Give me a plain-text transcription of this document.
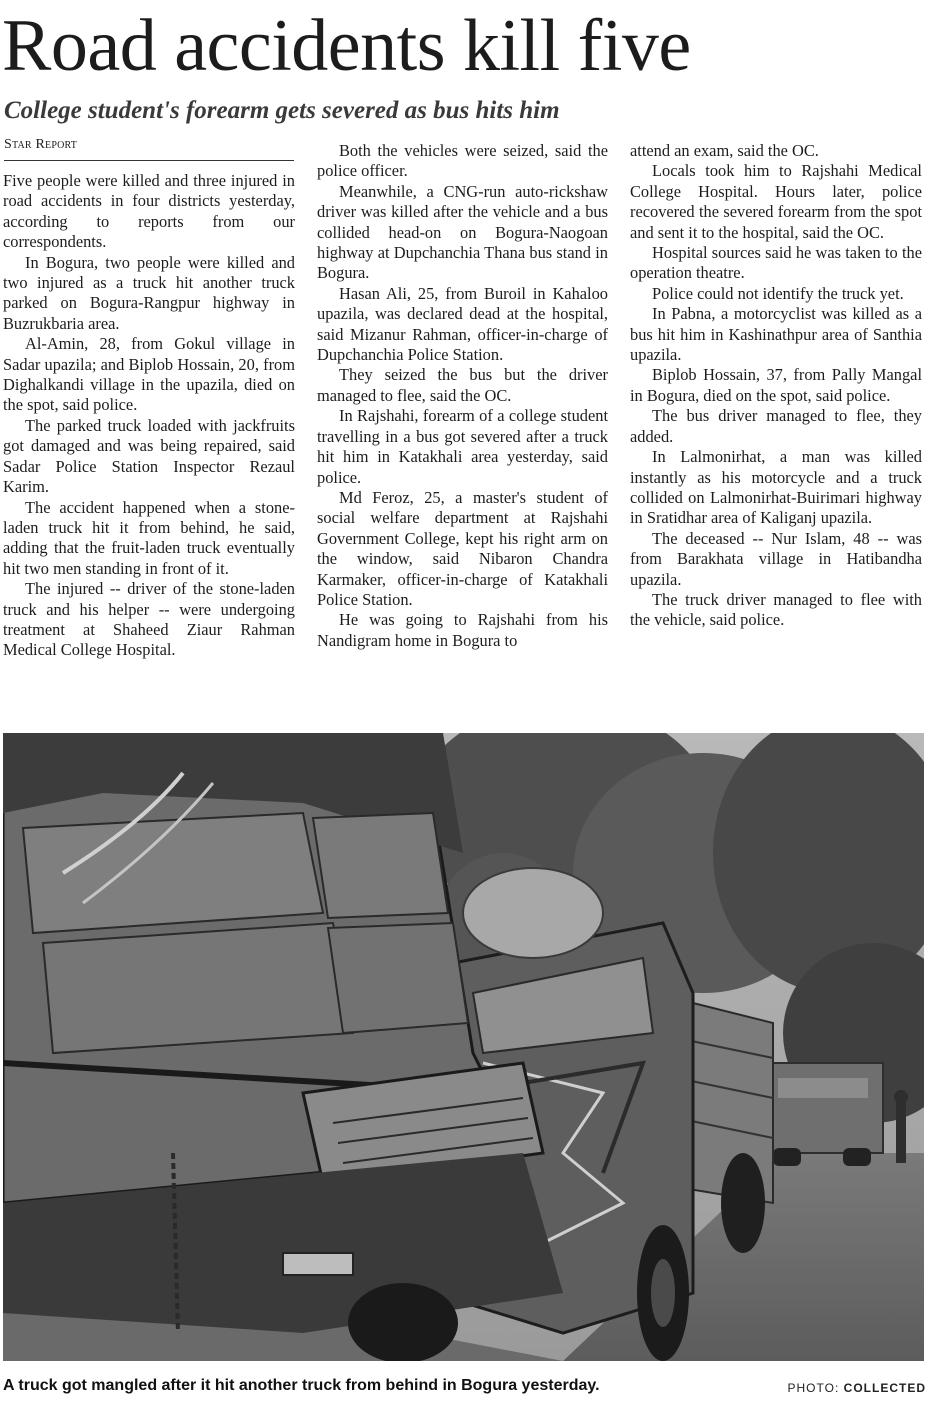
Road accidents kill five
College student's forearm gets severed as bus hits him
Star Report

Five people were killed and three injured in road accidents in four districts yesterday, according to reports from our correspondents.

In Bogura, two people were killed and two injured as a truck hit another truck parked on Bogura-Rangpur highway in Buzrukbaria area.

Al-Amin, 28, from Gokul village in Sadar upazila; and Biplob Hossain, 20, from Dighalkandi village in the upazila, died on the spot, said police.

The parked truck loaded with jackfruits got damaged and was being repaired, said Sadar Police Station Inspector Rezaul Karim.

The accident happened when a stone-laden truck hit it from behind, he said, adding that the fruit-laden truck eventually hit two men standing in front of it.

The injured -- driver of the stone-laden truck and his helper -- were undergoing treatment at Shaheed Ziaur Rahman Medical College Hospital.

Both the vehicles were seized, said the police officer.

Meanwhile, a CNG-run auto-rickshaw driver was killed after the vehicle and a bus collided head-on on Bogura-Naogoan highway at Dupchanchia Thana bus stand in Bogura.

Hasan Ali, 25, from Buroil in Kahaloo upazila, was declared dead at the hospital, said Mizanur Rahman, officer-in-charge of Dupchanchia Police Station.

They seized the bus but the driver managed to flee, said the OC.

In Rajshahi, forearm of a college student travelling in a bus got severed after a truck hit him in Katakhali area yesterday, said police.

Md Feroz, 25, a master's student of social welfare department at Rajshahi Government College, kept his right arm on the window, said Nibaron Chandra Karmaker, officer-in-charge of Katakhali Police Station.

He was going to Rajshahi from his Nandigram home in Bogura to

attend an exam, said the OC.

Locals took him to Rajshahi Medical College Hospital. Hours later, police recovered the severed forearm from the spot and sent it to the hospital, said the OC.

Hospital sources said he was taken to the operation theatre.

Police could not identify the truck yet.

In Pabna, a motorcyclist was killed as a bus hit him in Kashinathpur area of Santhia upazila.

Biplob Hossain, 37, from Pally Mangal in Bogura, died on the spot, said police.

The bus driver managed to flee, they added.

In Lalmonirhat, a man was killed instantly as his motorcycle and a truck collided on Lalmonirhat-Buirimari highway in Sratidhar area of Kaliganj upazila.

The deceased -- Nur Islam, 48 -- was from Barakhata village in Hatibandha upazila.

The truck driver managed to flee with the vehicle, said police.

A truck got mangled after it hit another truck from behind in Bogura yesterday.	PHOTO: COLLECTED
